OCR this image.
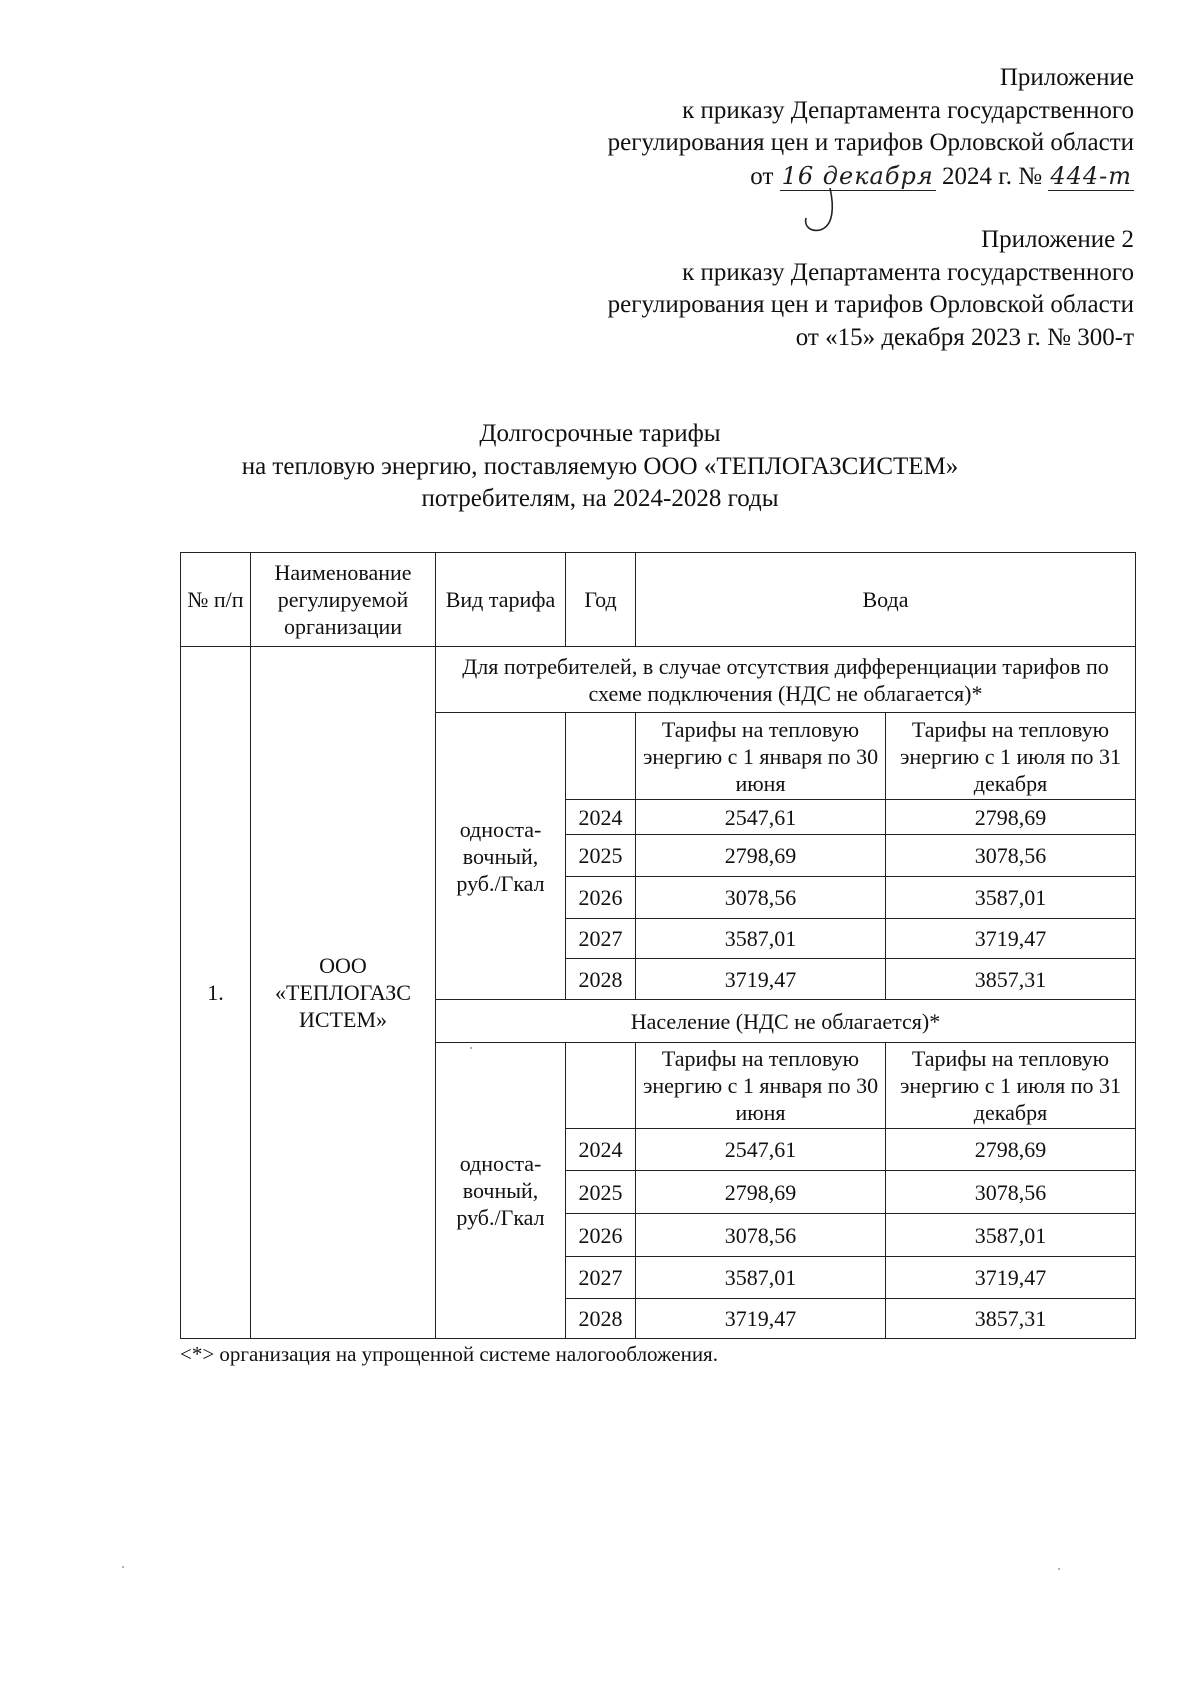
Приложение
к приказу Департамента государственного
регулирования цен и тарифов Орловской области
от 16 декабря 2024 г. № 444-т
Приложение 2
к приказу Департамента государственного
регулирования цен и тарифов Орловской области
от «15» декабря 2023 г. № 300-т
Долгосрочные тарифы
на тепловую энергию, поставляемую ООО «ТЕПЛОГАЗСИСТЕМ»
потребителям, на 2024-2028 годы
№ п/п	Наименование регулируемой организации	Вид тарифа	Год	Вода	
1.	ООО «ТЕПЛОГАЗС ИСТЕМ»	Для потребителей, в случае отсутствия дифференциации тарифов по схеме подключения (НДС не облагается)*			
		односта-вочный, руб./Гкал		Тарифы на тепловую энергию с 1 января по 30 июня	Тарифы на тепловую энергию с 1 июля по 31 декабря
			2024	2547,61	2798,69
			2025	2798,69	3078,56
			2026	3078,56	3587,01
			2027	3587,01	3719,47
			2028	3719,47	3857,31
		Население (НДС не облагается)*			
		односта-вочный, руб./Гкал		Тарифы на тепловую энергию с 1 января по 30 июня	Тарифы на тепловую энергию с 1 июля по 31 декабря
			2024	2547,61	2798,69
			2025	2798,69	3078,56
			2026	3078,56	3587,01
			2027	3587,01	3719,47
			2028	3719,47	3857,31
<*> организация на упрощенной системе налогообложения.
